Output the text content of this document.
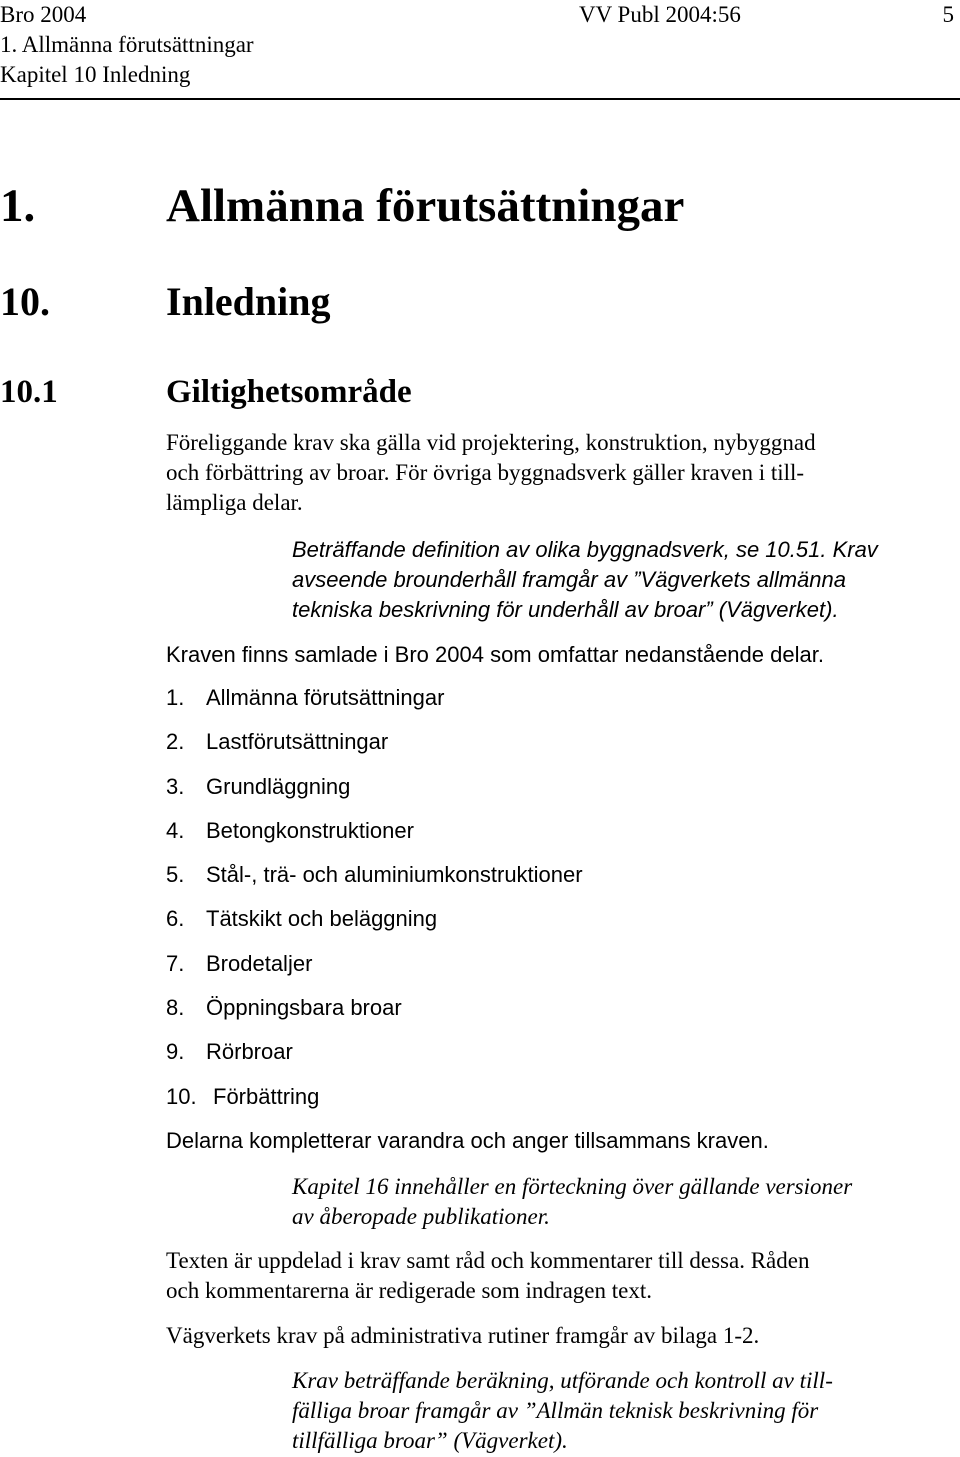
Bro 2004
1. Allmänna förutsättningar
Kapitel 10 Inledning
VV Publ 2004:56	5
1.	Allmänna förutsättningar
10.	Inledning
10.1	Giltighetsområde
Föreliggande krav ska gälla vid projektering, konstruktion, nybyggnad
och förbättring av broar. För övriga byggnadsverk gäller kraven i till-
lämpliga delar.
Beträffande definition av olika byggnadsverk, se 10.51. Krav
avseende brounderhåll framgår av ”Vägverkets allmänna
tekniska beskrivning för underhåll av broar” (Vägverket).
Kraven finns samlade i Bro 2004 som omfattar nedanstående delar.
1. Allmänna förutsättningar
2. Lastförutsättningar
3. Grundläggning
4. Betongkonstruktioner
5. Stål-, trä- och aluminiumkonstruktioner
6. Tätskikt och beläggning
7. Brodetaljer
8. Öppningsbara broar
9. Rörbroar
10. Förbättring
Delarna kompletterar varandra och anger tillsammans kraven.
Kapitel 16 innehåller en förteckning över gällande versioner
av åberopade publikationer.
Texten är uppdelad i krav samt råd och kommentarer till dessa. Råden
och kommentarerna är redigerade som indragen text.
Vägverkets krav på administrativa rutiner framgår av bilaga 1-2.
Krav beträffande beräkning, utförande och kontroll av till-
fälliga broar framgår av ”Allmän teknisk beskrivning för
tillfälliga broar” (Vägverket).
